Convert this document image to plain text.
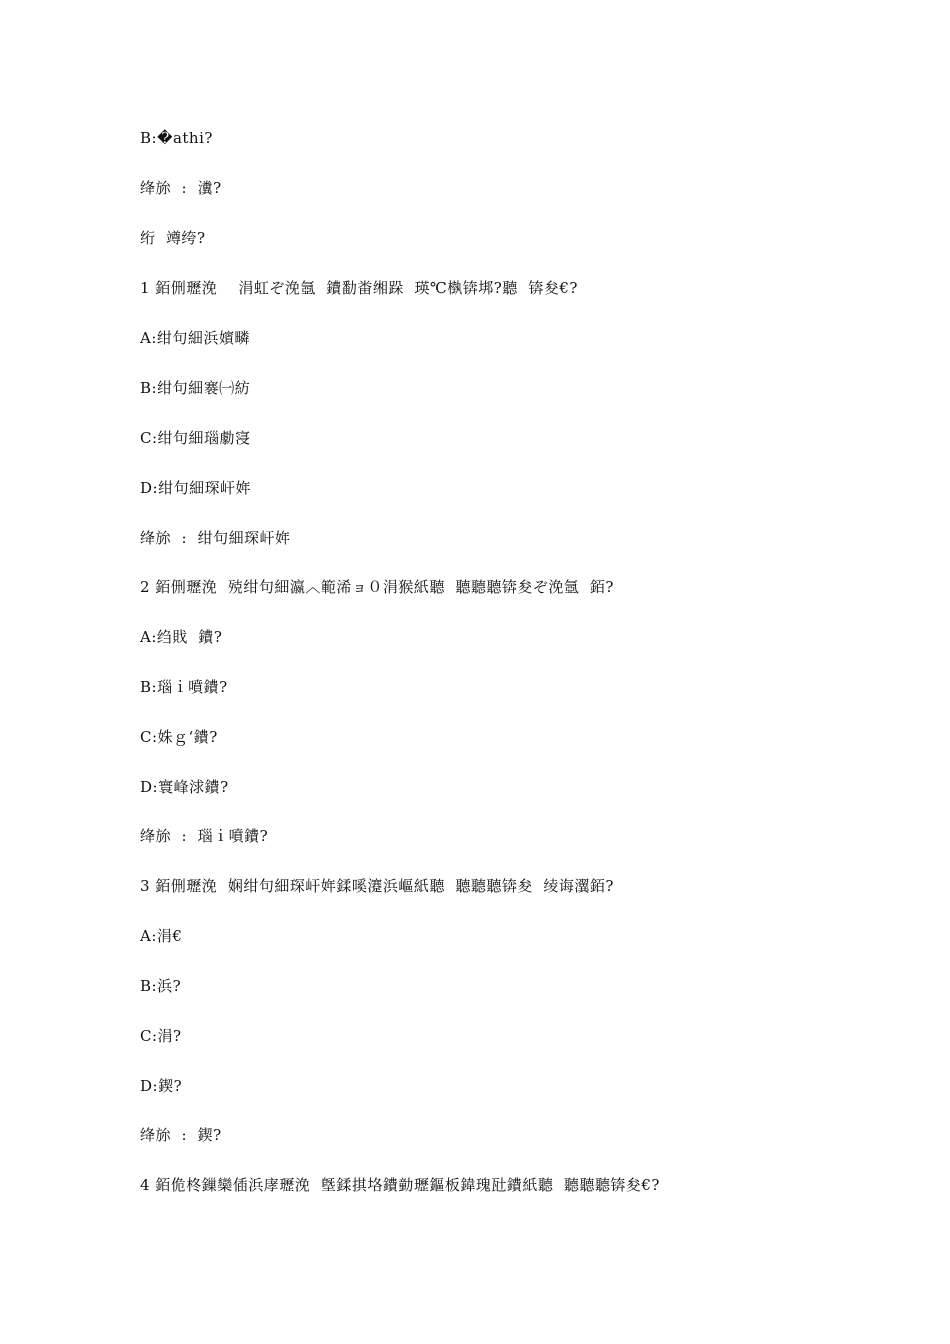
B:�athi?
绛旀  :  瀵?
绗  竴绔?
1 銆侀瓑浼    涓虹ぞ浼氬  鐨勫畨缃跺  瑛℃槸锛垹?聽  锛夋€?
A:绀句細浜嬪疄
B:绀句細褰㈠紡
C:绀句細瑙勮寖
D:绀句細琛屽姩
绛旀  :  绀句細琛屽姩
2 銆侀瓑浼  殑绀句細瀛︿範浠ョ０涓猴紙聽  聽聽聽锛夋ぞ浼氬  銆?
A:绉戝  鐨?
B:瑙ｉ噴鐨?
C:姝ｇ‘鐨?
D:寰峰浗鐨?
绛旀  :  瑙ｉ噴鐨?
3 銆侀瓑浼  娴绀句細琛屽姩鍒嗘瀽浜嶇紙聽  聽聽聽锛夋  绫诲瀷銆?
A:涓€
B:浜?
C:涓?
D:鍥?
绛旀  :  鍥?
4 銆佹柊鏁欒偛浜庨瓑浼  墍鍒掑垎鐨勭瓑鏂板鍏瑰瓧鐨紙聽  聽聽聽锛夋€?
